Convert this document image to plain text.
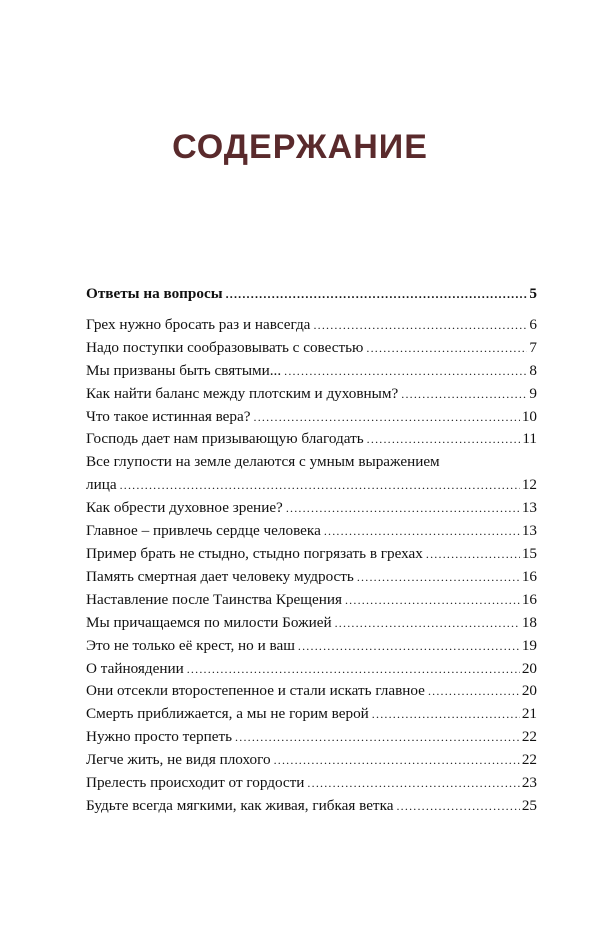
СОДЕРЖАНИЕ
Ответы на вопросы .....	5
Грех нужно бросать раз и навсегда .....	6
Надо поступки сообразовывать с совестью .....	7
Мы призваны быть святыми... .....	8
Как найти баланс между плотским и духовным? .....	9
Что такое истинная вера? .....	10
Господь дает нам призывающую благодать .....	11
Все глупости на земле делаются с умным выражением
лица .....	12
Как обрести духовное зрение? .....	13
Главное – привлечь сердце человека .....	13
Пример брать не стыдно, стыдно погрязать в грехах .....	15
Память смертная дает человеку мудрость .....	16
Наставление после Таинства Крещения .....	16
Мы причащаемся по милости Божией .....	18
Это не только её крест, но и ваш .....	19
О тайноядении .....	20
Они отсекли второстепенное и стали искать главное .....	20
Смерть приближается, а мы не горим верой .....	21
Нужно просто терпеть .....	22
Легче жить, не видя плохого .....	22
Прелесть происходит от гордости .....	23
Будьте всегда мягкими, как живая, гибкая ветка .....	25
